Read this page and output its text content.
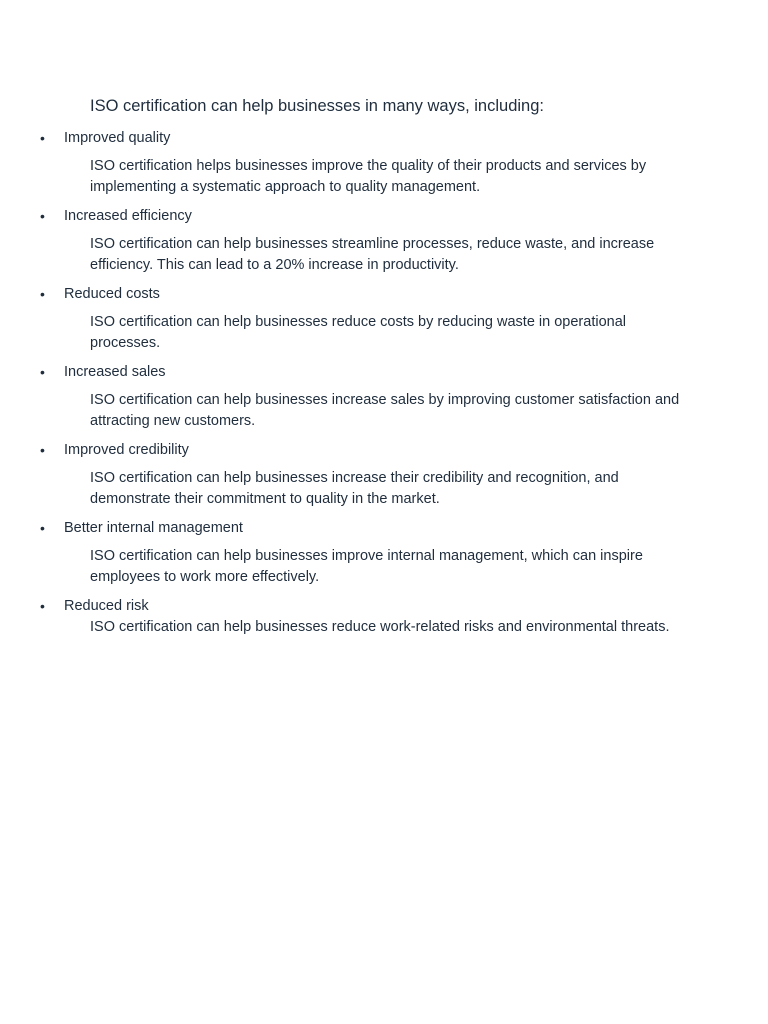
ISO certification can help businesses in many ways, including:

• Improved quality
ISO certification helps businesses improve the quality of their products and services by implementing a systematic approach to quality management.
• Increased efficiency
ISO certification can help businesses streamline processes, reduce waste, and increase efficiency. This can lead to a 20% increase in productivity.
• Reduced costs
ISO certification can help businesses reduce costs by reducing waste in operational processes.
• Increased sales
ISO certification can help businesses increase sales by improving customer satisfaction and attracting new customers.
• Improved credibility
ISO certification can help businesses increase their credibility and recognition, and demonstrate their commitment to quality in the market.
• Better internal management
ISO certification can help businesses improve internal management, which can inspire employees to work more effectively.
• Reduced risk
ISO certification can help businesses reduce work-related risks and environmental threats.
